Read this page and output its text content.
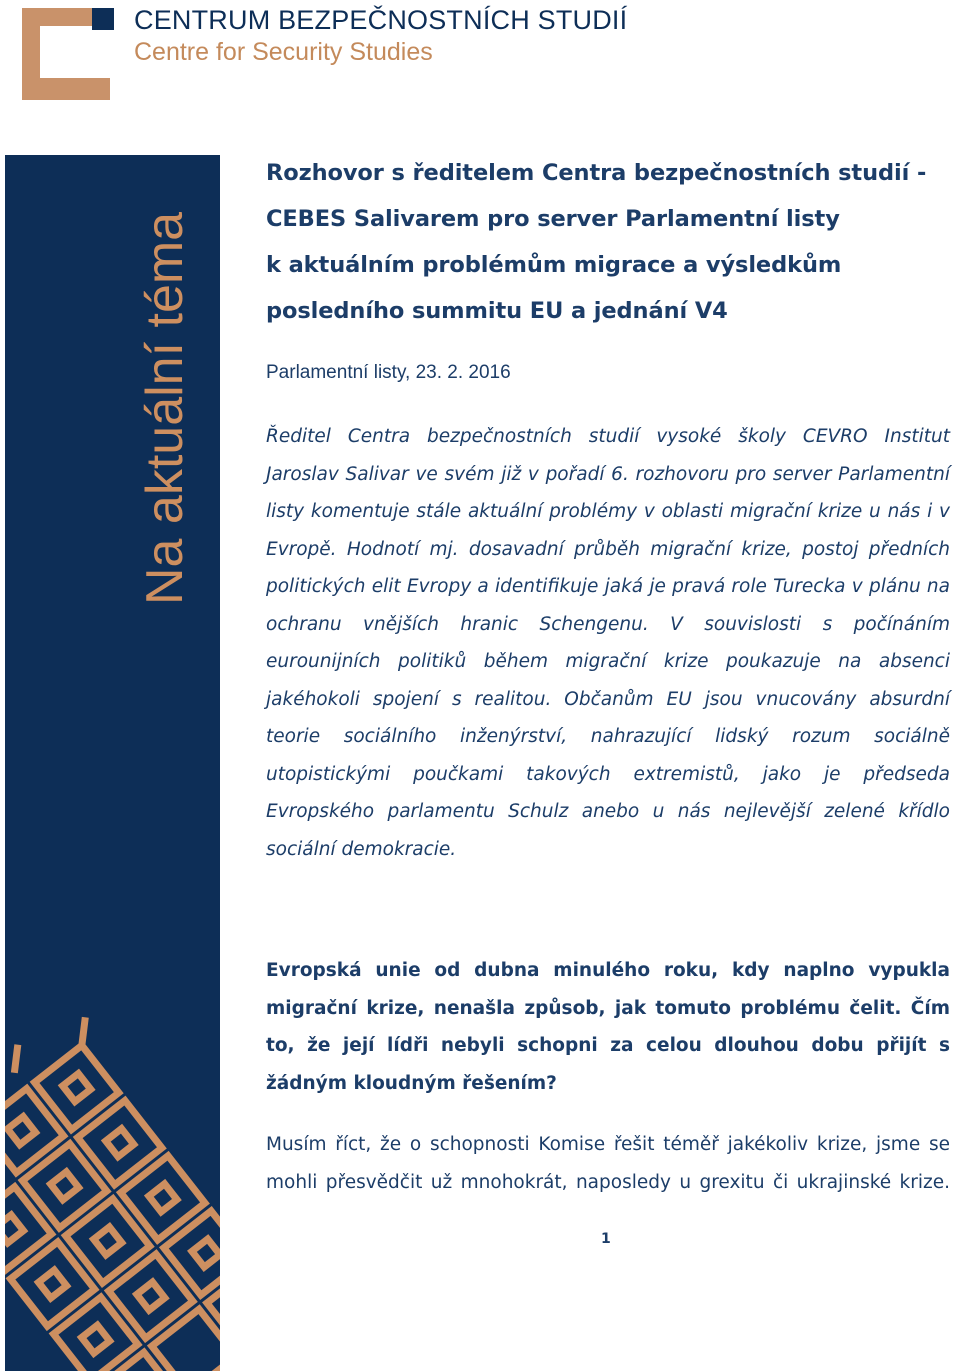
CENTRUM BEZPEČNOSTNÍCH STUDIÍ
Centre for Security Studies
Na aktuální téma
Rozhovor s ředitelem Centra bezpečnostních studií -
CEBES Salivarem pro server Parlamentní listy
k aktuálním problémům migrace a výsledkům
posledního summitu EU a jednání V4
Parlamentní listy, 23. 2. 2016

Ředitel Centra bezpečnostních studií vysoké školy CEVRO Institut Jaroslav Salivar ve svém již v pořadí 6. rozhovoru pro server Parlamentní listy komentuje stále aktuální problémy v oblasti migrační krize u nás i v Evropě. Hodnotí mj. dosavadní průběh migrační krize, postoj předních politických elit Evropy a identifikuje jaká je pravá role Turecka v plánu na ochranu vnějších hranic Schengenu. V souvislosti s počínáním eurounijních politiků během migrační krize poukazuje na absenci jakéhokoli spojení s realitou. Občanům EU jsou vnucovány absurdní teorie sociálního inženýrství, nahrazující lidský rozum sociálně utopistickými poučkami takových extremistů, jako je předseda Evropského parlamentu Schulz anebo u nás nejlevější zelené křídlo sociální demokracie.

Evropská unie od dubna minulého roku, kdy naplno vypukla migrační krize, nenašla způsob, jak tomuto problému čelit. Čím to, že její lídři nebyli schopni za celou dlouhou dobu přijít s žádným kloudným řešením?

Musím říct, že o schopnosti Komise řešit téměř jakékoliv krize, jsme se mohli přesvědčit už mnohokrát, naposledy u grexitu či ukrajinské krize.

1
